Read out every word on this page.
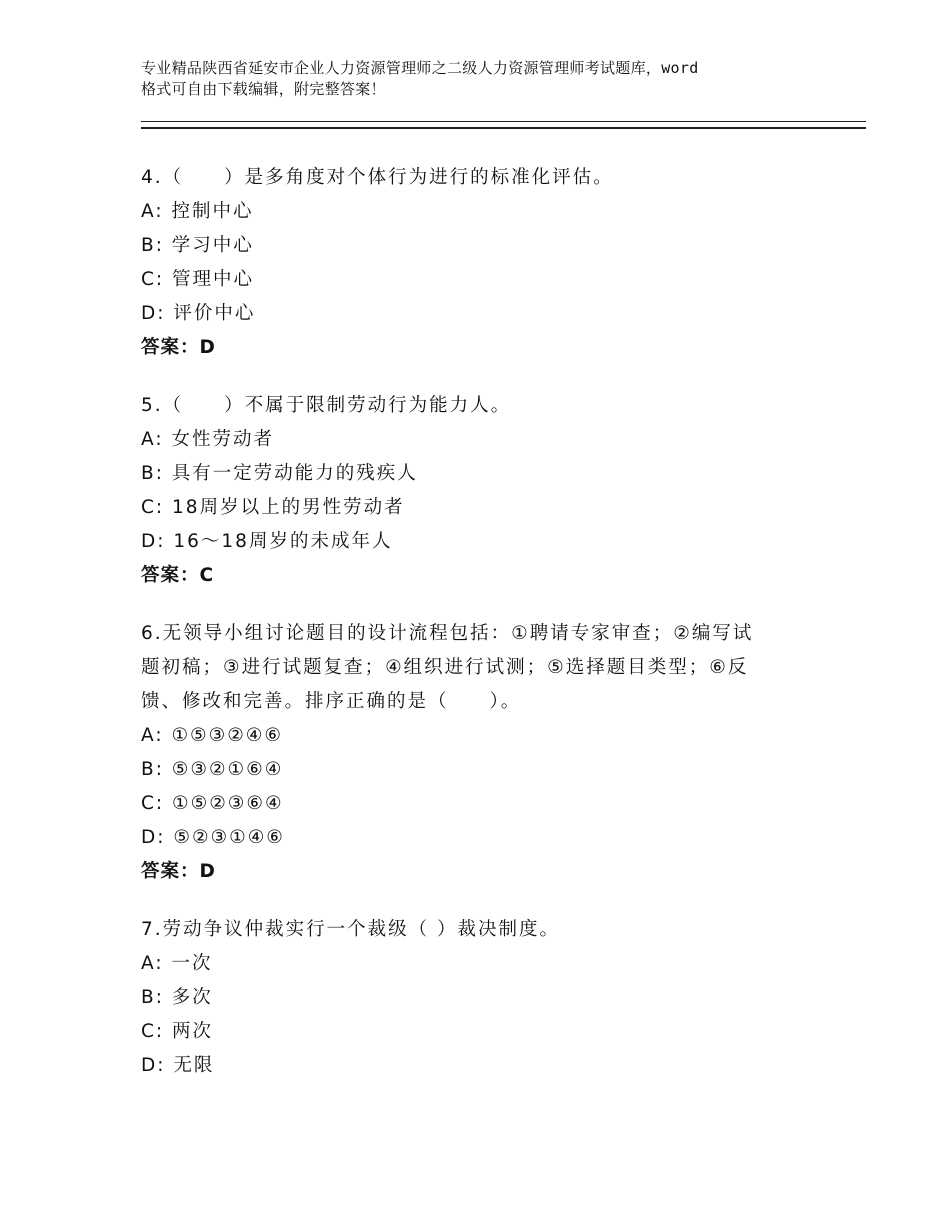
专业精品陕西省延安市企业人力资源管理师之二级人力资源管理师考试题库，word
格式可自由下载编辑，附完整答案！
4.（　　）是多角度对个体行为进行的标准化评估。
A: 控制中心
B: 学习中心
C: 管理中心
D: 评价中心
答案：D
5.（　　）不属于限制劳动行为能力人。
A: 女性劳动者
B: 具有一定劳动能力的残疾人
C: 18周岁以上的男性劳动者
D: 16～18周岁的未成年人
答案：C
6.无领导小组讨论题目的设计流程包括：①聘请专家审查；②编写试
题初稿；③进行试题复查；④组织进行试测；⑤选择题目类型；⑥反
馈、修改和完善。排序正确的是（　　）。
A: ①⑤③②④⑥
B: ⑤③②①⑥④
C: ①⑤②③⑥④
D: ⑤②③①④⑥
答案：D
7.劳动争议仲裁实行一个裁级（ ）裁决制度。
A: 一次
B: 多次
C: 两次
D: 无限
